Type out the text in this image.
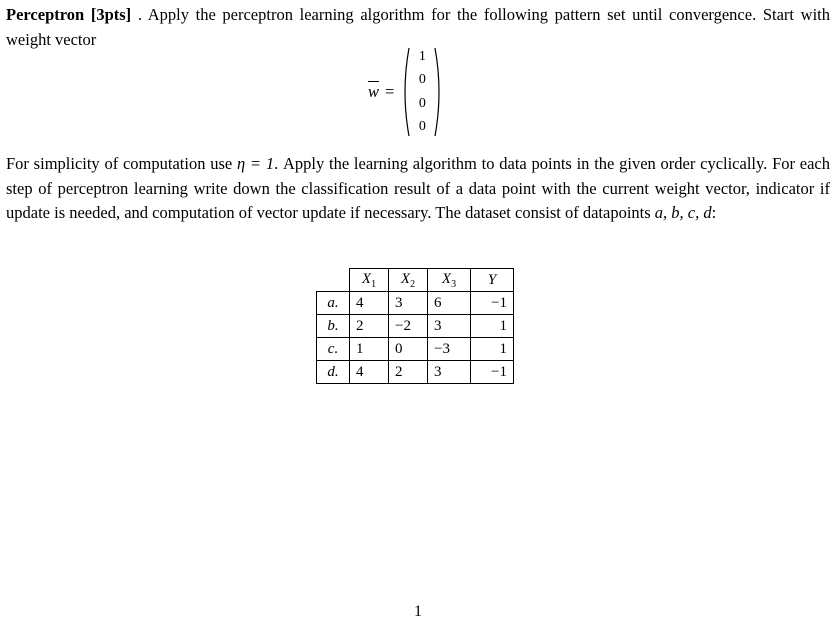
Perceptron [3pts] . Apply the perceptron learning algorithm for the following pattern set until convergence. Start with weight vector
$\overline{w}$ =
1
0
0
0
For simplicity of computation use η = 1. Apply the learning algorithm to data points in the given order cyclically. For each step of perceptron learning write down the classification result of a data point with the current weight vector, indicator if update is needed, and computation of vector update if necessary. The dataset consist of datapoints a, b, c, d:
	$X_1$	$X_2$	$X_3$	Y
a.	4	3	6	−1
b.	2	−2	3	1
c.	1	0	−3	1
d.	4	2	3	−1
1
